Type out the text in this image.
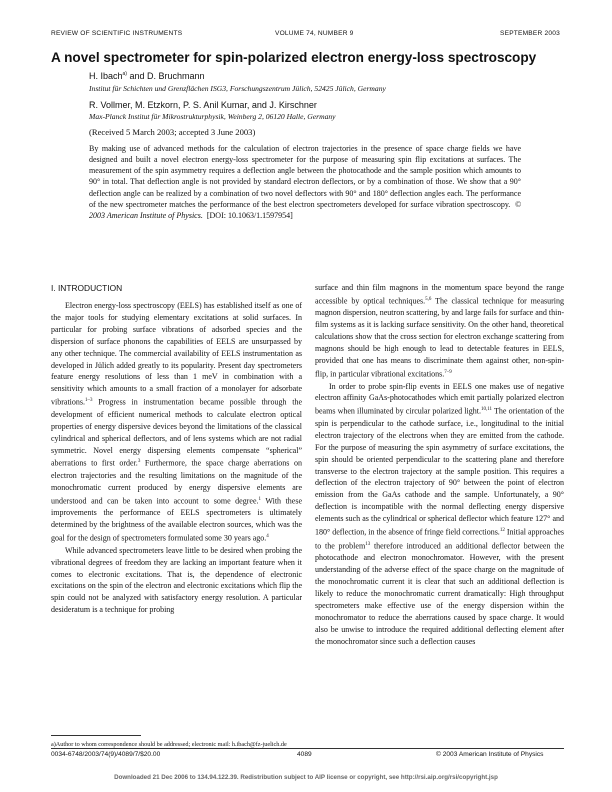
REVIEW OF SCIENTIFIC INSTRUMENTS	VOLUME 74, NUMBER 9	SEPTEMBER 2003
A novel spectrometer for spin-polarized electron energy-loss spectroscopy
H. Ibach$^{a)}$ and D. Bruchmann
Institut für Schichten und Grenzflächen ISG3, Forschungszentrum Jülich, 52425 Jülich, Germany
R. Vollmer, M. Etzkorn, P. S. Anil Kumar, and J. Kirschner
Max-Planck Institut für Mikrostrukturphysik, Weinberg 2, 06120 Halle, Germany
(Received 5 March 2003; accepted 3 June 2003)
By making use of advanced methods for the calculation of electron trajectories in the presence of space charge fields we have designed and built a novel electron energy-loss spectrometer for the purpose of measuring spin flip excitations at surfaces. The measurement of the spin asymmetry requires a deflection angle between the photocathode and the sample position which amounts to 90° in total. That deflection angle is not provided by standard electron deflectors, or by a combination of those. We show that a 90° deflection angle can be realized by a combination of two novel deflectors with 90° and 180° deflection angles each. The performance of the new spectrometer matches the performance of the best electron spectrometers developed for surface vibration spectroscopy. © 2003 American Institute of Physics. [DOI: 10.1063/1.1597954]
I. INTRODUCTION

Electron energy-loss spectroscopy (EELS) has established itself as one of the major tools for studying elementary excitations at solid surfaces. In particular for probing surface vibrations of adsorbed species and the dispersion of surface phonons the capabilities of EELS are unsurpassed by any other technique. The commercial availability of EELS instrumentation as developed in Jülich added greatly to its popularity. Present day spectrometers feature energy resolutions of less than 1 meV in combination with a sensitivity which amounts to a small fraction of a monolayer for adsorbate vibrations.$^{1-3}$ Progress in instrumentation became possible through the development of efficient numerical methods to calculate electron optical properties of energy dispersive devices beyond the limitations of the classical cylindrical and spherical deflectors, and of lens systems which are not radial symmetric. Novel energy dispersing elements compensate “spherical” aberrations to first order.$^3$ Furthermore, the space charge aberrations on electron trajectories and the resulting limitations on the magnitude of the monochromatic current produced by energy dispersive elements are understood and can be taken into account to some degree.$^1$ With these improvements the performance of EELS spectrometers is ultimately determined by the brightness of the available electron sources, which was the goal for the design of spectrometers formulated some 30 years ago.$^4$

While advanced spectrometers leave little to be desired when probing the vibrational degrees of freedom they are lacking an important feature when it comes to electronic excitations. That is, the dependence of electronic excitations on the spin of the electron and electronic excitations which flip the spin could not be analyzed with satisfactory energy resolution. A particular desideratum is a technique for probing

a)Author to whom correspondence should be addressed; electronic mail: h.ibach@fz-juelich.de

surface and thin film magnons in the momentum space beyond the range accessible by optical techniques.$^{5,6}$ The classical technique for measuring magnon dispersion, neutron scattering, by and large fails for surface and thin-film systems as it is lacking surface sensitivity. On the other hand, theoretical calculations show that the cross section for electron exchange scattering from magnons should be high enough to lead to detectable features in EELS, provided that one has means to discriminate them against other, non-spin-flip, in particular vibrational excitations.$^{7-9}$

In order to probe spin-flip events in EELS one makes use of negative electron affinity GaAs-photocathodes which emit partially polarized electron beams when illuminated by circular polarized light.$^{10,11}$ The orientation of the spin is perpendicular to the cathode surface, i.e., longitudinal to the initial electron trajectory of the electrons when they are emitted from the cathode. For the purpose of measuring the spin asymmetry of surface excitations, the spin should be oriented perpendicular to the scattering plane and therefore transverse to the electron trajectory at the sample position. This requires a deflection of the electron trajectory of 90° between the point of electron emission from the GaAs cathode and the sample. Unfortunately, a 90° deflection is incompatible with the normal deflecting energy dispersive elements such as the cylindrical or spherical deflector which feature 127° and 180° deflection, in the absence of fringe field corrections.$^{12}$ Initial approaches to the problem$^{13}$ therefore introduced an additional deflector between the photocathode and electron monochromator. However, with the present understanding of the adverse effect of the space charge on the magnitude of the monochromatic current it is clear that such an additional deflection is likely to reduce the monochromatic current dramatically: High throughput spectrometers make effective use of the energy dispersion within the monochromator to reduce the aberrations caused by space charge. It would also be unwise to introduce the required additional deflecting element after the monochromator since such a deflection causes

0034-6748/2003/74(9)/4089/7/$20.00	4089	© 2003 American Institute of Physics
Downloaded 21 Dec 2006 to 134.94.122.39. Redistribution subject to AIP license or copyright, see http://rsi.aip.org/rsi/copyright.jsp
